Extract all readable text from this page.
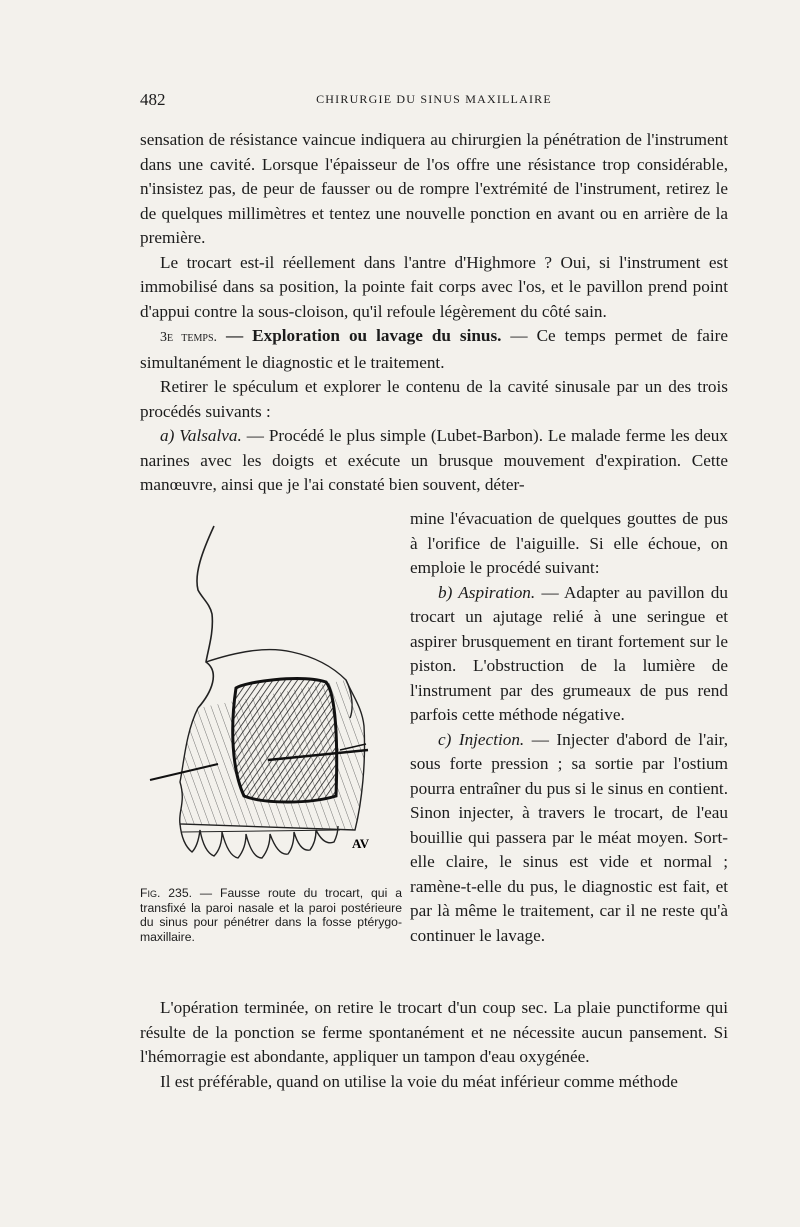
482	CHIRURGIE DU SINUS MAXILLAIRE

sensation de résistance vaincue indiquera au chirurgien la pénétration de l'instrument dans une cavité. Lorsque l'épaisseur de l'os offre une résistance trop considérable, n'insistez pas, de peur de fausser ou de rompre l'extrémité de l'instrument, retirez le de quelques millimètres et tentez une nouvelle ponction en avant ou en arrière de la première.

Le trocart est-il réellement dans l'antre d'Highmore ? Oui, si l'instrument est immobilisé dans sa position, la pointe fait corps avec l'os, et le pavillon prend point d'appui contre la sous-cloison, qu'il refoule légèrement du côté sain.

3e temps. — Exploration ou lavage du sinus. — Ce temps permet de faire simultanément le diagnostic et le traitement.

Retirer le spéculum et explorer le contenu de la cavité sinusale par un des trois procédés suivants :

a) Valsalva. — Procédé le plus simple (Lubet-Barbon). Le malade ferme les deux narines avec les doigts et exécute un brusque mouvement d'expiration. Cette manœuvre, ainsi que je l'ai constaté bien souvent, déter-

AV
Fig. 235. — Fausse route du trocart, qui a transfixé la paroi nasale et la paroi postérieure du sinus pour pénétrer dans la fosse ptérygo-maxillaire.

mine l'évacuation de quelques gouttes de pus à l'orifice de l'aiguille. Si elle échoue, on emploie le procédé suivant:

b) Aspiration. — Adapter au pavillon du trocart un ajutage relié à une seringue et aspirer brusquement en tirant fortement sur le piston. L'obstruction de la lumière de l'instrument par des grumeaux de pus rend parfois cette méthode négative.

c) Injection. — Injecter d'abord de l'air, sous forte pression ; sa sortie par l'ostium pourra entraîner du pus si le sinus en contient. Sinon injecter, à travers le trocart, de l'eau bouillie qui passera par le méat moyen. Sort-elle claire, le sinus est vide et normal ; ramène-t-elle du pus, le diagnostic est fait, et par là même le traitement, car il ne reste qu'à continuer le lavage.

L'opération terminée, on retire le trocart d'un coup sec. La plaie punctiforme qui résulte de la ponction se ferme spontanément et ne nécessite aucun pansement. Si l'hémorragie est abondante, appliquer un tampon d'eau oxygénée.

Il est préférable, quand on utilise la voie du méat inférieur comme méthode
